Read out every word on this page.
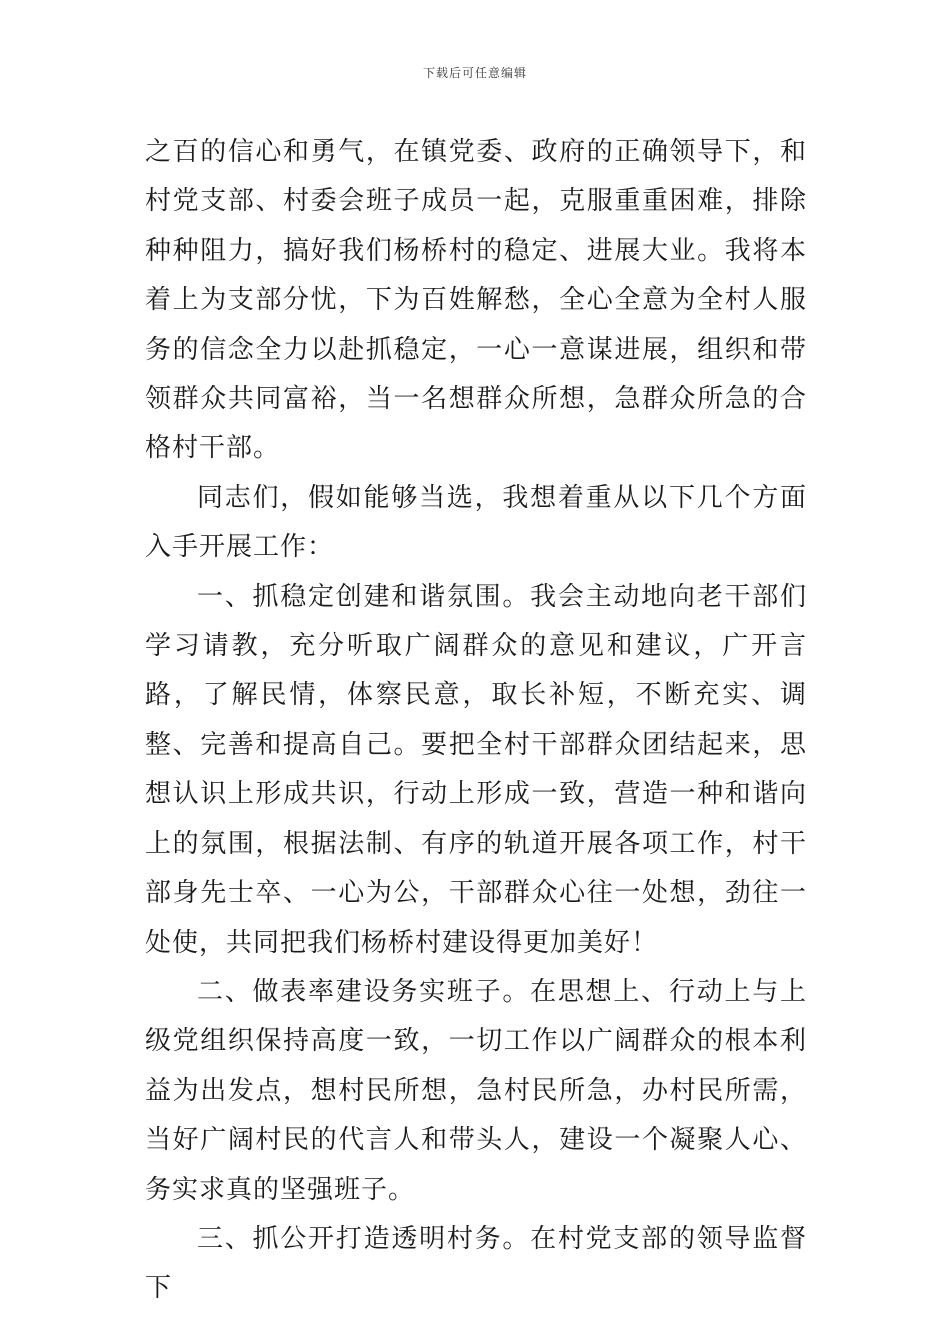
下载后可任意编辑

之百的信心和勇气，在镇党委、政府的正确领导下，和村党支部、村委会班子成员一起，克服重重困难，排除种种阻力，搞好我们杨桥村的稳定、进展大业。我将本着上为支部分忧，下为百姓解愁，全心全意为全村人服务的信念全力以赴抓稳定，一心一意谋进展，组织和带领群众共同富裕，当一名想群众所想，急群众所急的合格村干部。

同志们，假如能够当选，我想着重从以下几个方面入手开展工作：

一、抓稳定创建和谐氛围。我会主动地向老干部们学习请教，充分听取广阔群众的意见和建议，广开言路，了解民情，体察民意，取长补短，不断充实、调整、完善和提高自己。要把全村干部群众团结起来，思想认识上形成共识，行动上形成一致，营造一种和谐向上的氛围，根据法制、有序的轨道开展各项工作，村干部身先士卒、一心为公，干部群众心往一处想，劲往一处使，共同把我们杨桥村建设得更加美好！

二、做表率建设务实班子。在思想上、行动上与上级党组织保持高度一致，一切工作以广阔群众的根本利益为出发点，想村民所想，急村民所急，办村民所需，当好广阔村民的代言人和带头人，建设一个凝聚人心、务实求真的坚强班子。

三、抓公开打造透明村务。在村党支部的领导监督下
